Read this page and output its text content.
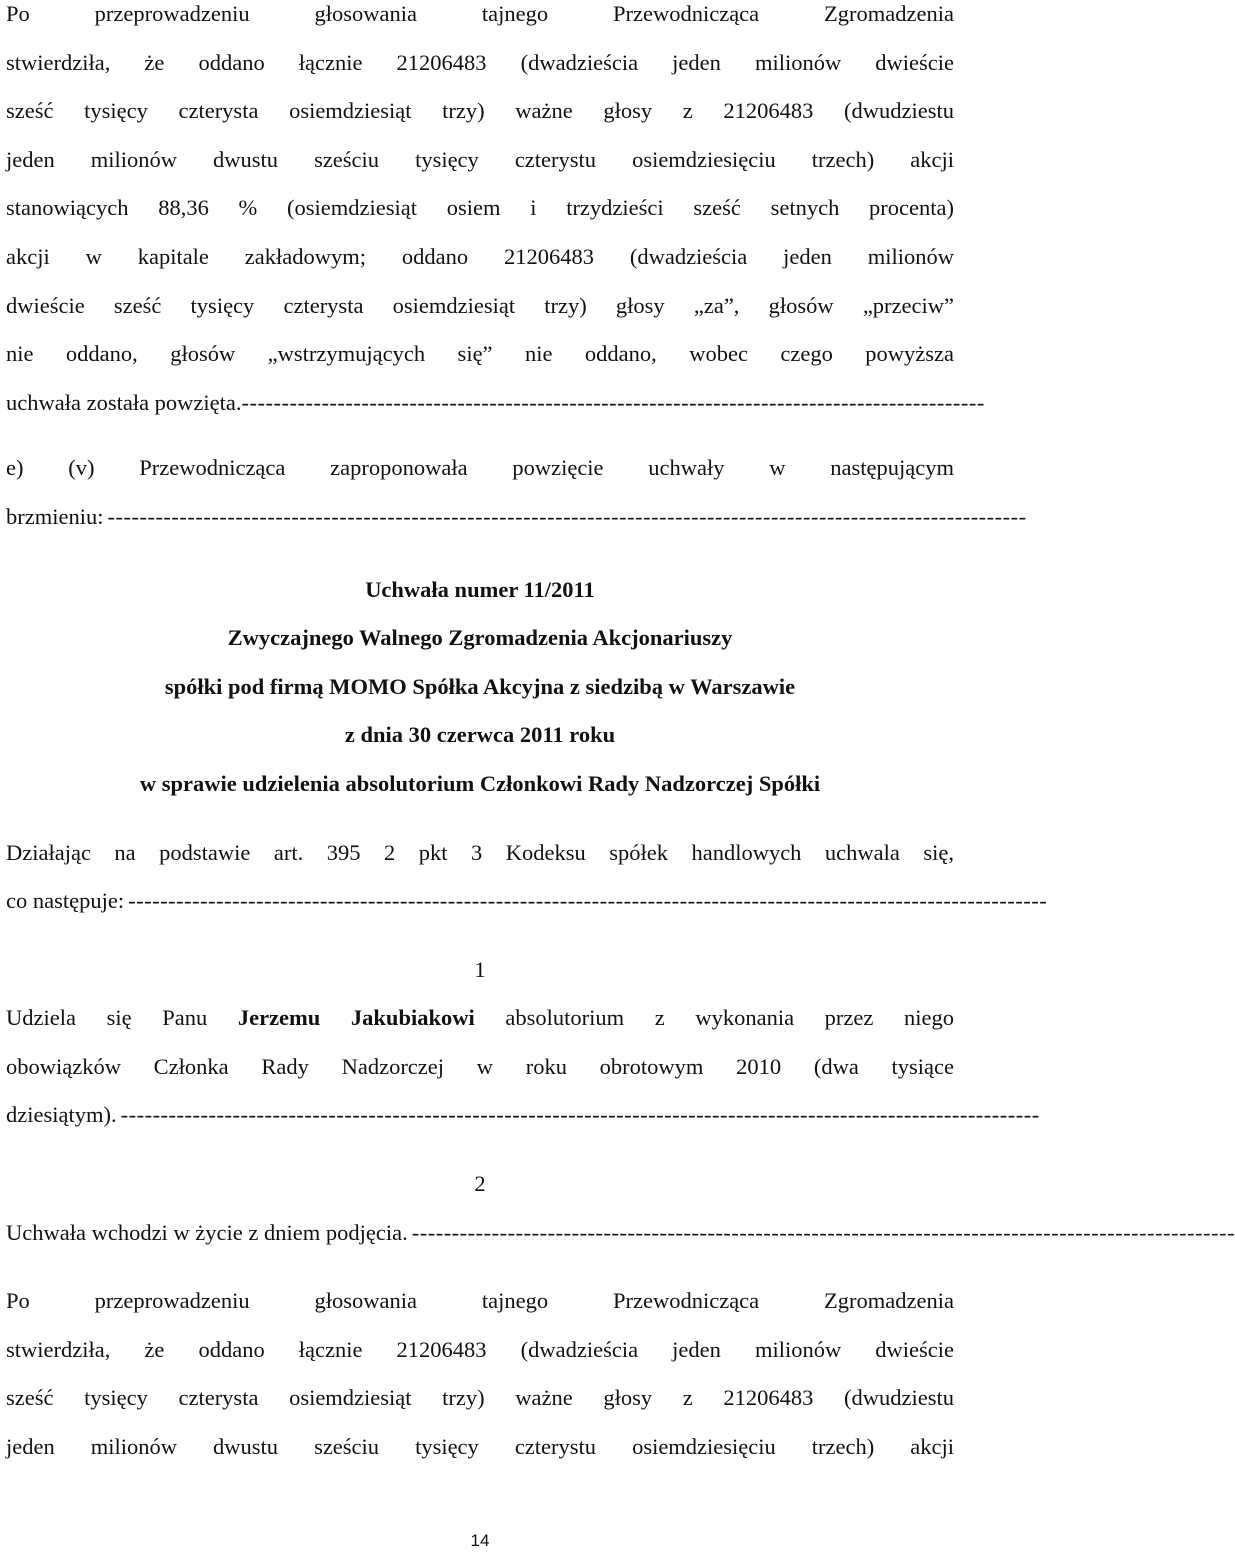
Po przeprowadzeniu głosowania tajnego Przewodnicząca Zgromadzenia

stwierdziła, że oddano łącznie 21206483 (dwadzieścia jeden milionów dwieście

sześć tysięcy czterysta osiemdziesiąt trzy) ważne głosy z 21206483 (dwudziestu

jeden milionów dwustu sześciu tysięcy czterystu osiemdziesięciu trzech) akcji

stanowiących 88,36 % (osiemdziesiąt osiem i trzydzieści sześć setnych procenta)

akcji w kapitale zakładowym; oddano 21206483 (dwadzieścia jeden milionów

dwieście sześć tysięcy czterysta osiemdziesiąt trzy) głosy „za”, głosów „przeciw”

nie oddano, głosów „wstrzymujących się” nie oddano, wobec czego powyższa

uchwała została powzięta. ---------------------------------------------------------------------------------------------

e) (v) Przewodnicząca zaproponowała powzięcie uchwały w następującym

brzmieniu: -------------------------------------------------------------------------------------------------------------------

Uchwała numer 11/2011

Zwyczajnego Walnego Zgromadzenia Akcjonariuszy

spółki pod firmą MOMO Spółka Akcyjna z siedzibą w Warszawie

z dnia 30 czerwca 2011 roku

w sprawie udzielenia absolutorium Członkowi Rady Nadzorczej Spółki

Działając na podstawie art. 395 2 pkt 3 Kodeksu spółek handlowych uchwala się,

co następuje: -------------------------------------------------------------------------------------------------------------------

1

Udziela się Panu Jerzemu Jakubiakowi absolutorium z wykonania przez niego

obowiązków Członka Rady Nadzorczej w roku obrotowym 2010 (dwa tysiące

dziesiątym). -------------------------------------------------------------------------------------------------------------------

2

Uchwała wchodzi w życie z dniem podjęcia. -------------------------------------------------------------------------------------------------------

Po przeprowadzeniu głosowania tajnego Przewodnicząca Zgromadzenia

stwierdziła, że oddano łącznie 21206483 (dwadzieścia jeden milionów dwieście

sześć tysięcy czterysta osiemdziesiąt trzy) ważne głosy z 21206483 (dwudziestu

jeden milionów dwustu sześciu tysięcy czterystu osiemdziesięciu trzech) akcji

14
